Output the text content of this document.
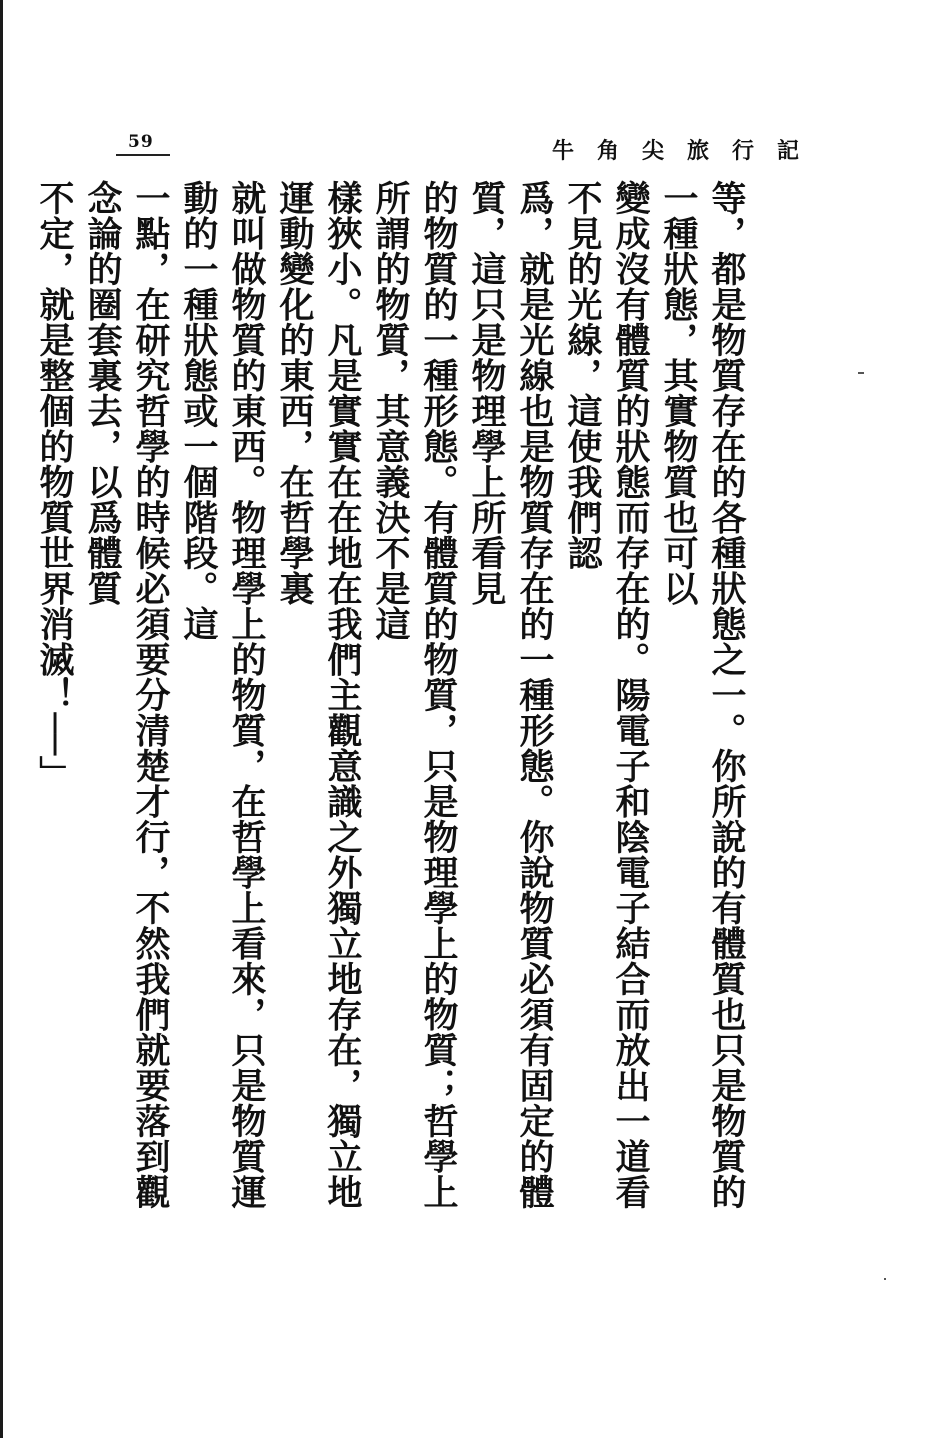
59	牛角尖旅行記
等，都是物質存在的各種狀態之一。你所說的有體質也只是物質的一種狀態，其實物質也可以
變成沒有體質的狀態而存在的。陽電子和陰電子結合而放出一道看不見的光線，這使我們認
爲，就是光線也是物質存在的一種形態。你說物質必須有固定的體質，這只是物理學上所看見
的物質的一種形態。有體質的物質，只是物理學上的物質；哲學上所謂的物質，其意義決不是這
樣狹小。凡是實實在在地在我們主觀意識之外獨立地存在，獨立地運動變化的東西，在哲學裏
就叫做物質的東西。物理學上的物質，在哲學上看來，只是物質運動的一種狀態或一個階段。這
一點，在研究哲學的時候必須要分清楚才行，不然我們就要落到觀念論的圈套裏去，以爲體質
不定，就是整個的物質世界消滅！──」
